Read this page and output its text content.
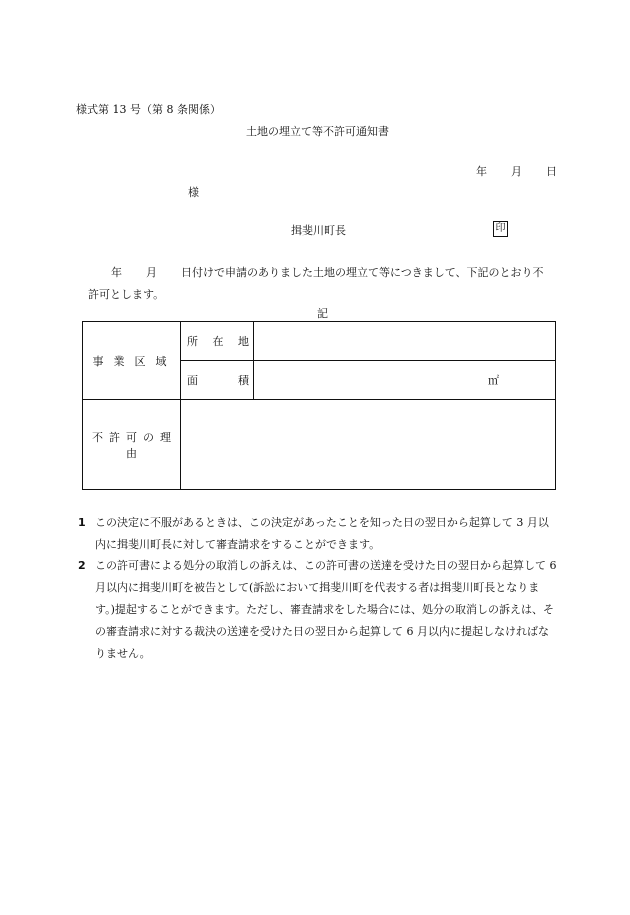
様式第 13 号（第 8 条関係）
土地の埋立て等不許可通知書
年 月 日
様
揖斐川町長	印
年 月 日付けで申請のありました土地の埋立て等につきまして、下記のとおり不
許可とします。
記
事業区域	所 在 地	

	面 積	㎡
不許可の理由		
1 この決定に不服があるときは、この決定があったことを知った日の翌日から起算して 3 月以内に揖斐川町長に対して審査請求をすることができます。
2 この許可書による処分の取消しの訴えは、この許可書の送達を受けた日の翌日から起算して 6 月以内に揖斐川町を被告として(訴訟において揖斐川町を代表する者は揖斐川町長となります。)提起することができます。ただし、審査請求をした場合には、処分の取消しの訴えは、その審査請求に対する裁決の送達を受けた日の翌日から起算して 6 月以内に提起しなければなりません。
